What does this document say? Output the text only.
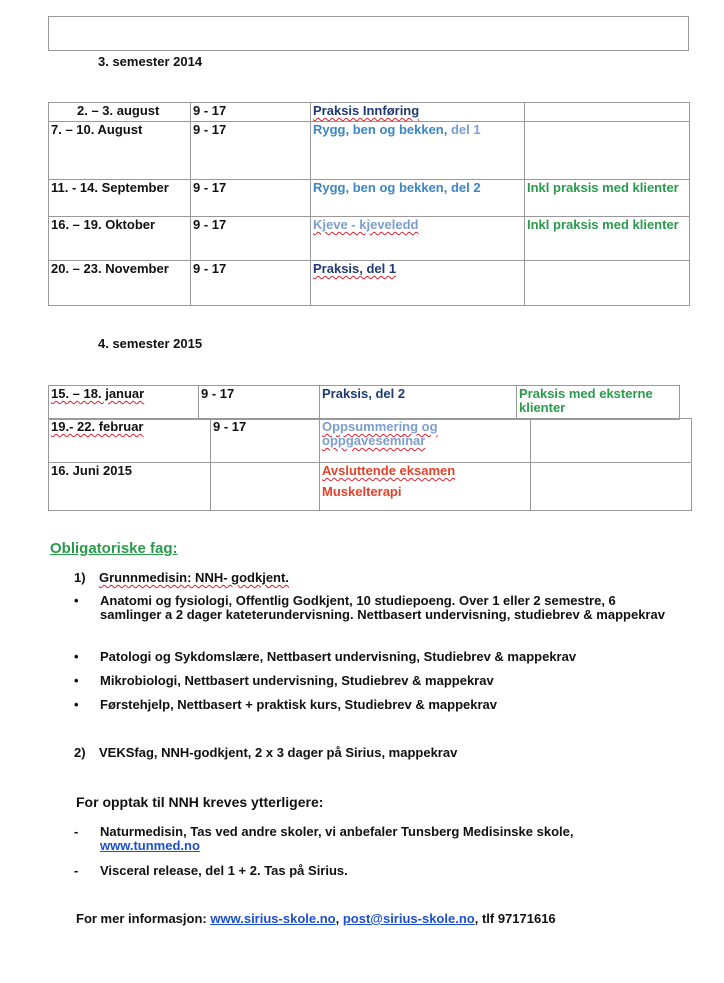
3. semester 2014
2. – 3. august	9 - 17	Praksis Innføring	
7. – 10. August	9 - 17	Rygg, ben og bekken, del 1	
11. - 14. September	9 - 17	Rygg, ben og bekken, del 2	Inkl praksis med klienter
16. – 19. Oktober	9 - 17	Kjeve - kjeveledd	Inkl praksis med klienter
20. – 23. November	9 - 17	Praksis, del 1	
4. semester 2015
15. – 18. januar	9 - 17	Praksis, del 2	Praksis med eksterne klienter
19.- 22. februar	9 - 17	Oppsummering og oppgaveseminar	
16. Juni 2015		Avsluttende eksamen
Muskelterapi	

Obligatoriske fag:
1) Grunnmedisin: NNH- godkjent.
•	Anatomi og fysiologi, Offentlig Godkjent, 10 studiepoeng. Over 1 eller 2 semestre, 6 samlinger a 2 dager kateterundervisning. Nettbasert undervisning, studiebrev & mappekrav
•	Patologi og Sykdomslære, Nettbasert undervisning, Studiebrev & mappekrav
•	Mikrobiologi, Nettbasert undervisning, Studiebrev & mappekrav
•	Førstehjelp, Nettbasert + praktisk kurs, Studiebrev & mappekrav
2) VEKSfag, NNH-godkjent, 2 x 3 dager på Sirius, mappekrav
For opptak til NNH kreves ytterligere:
-	Naturmedisin, Tas ved andre skoler, vi anbefaler Tunsberg Medisinske skole,
www.tunmed.no
-	Visceral release, del 1 + 2. Tas på Sirius.
For mer informasjon: www.sirius-skole.no, post@sirius-skole.no, tlf 97171616
